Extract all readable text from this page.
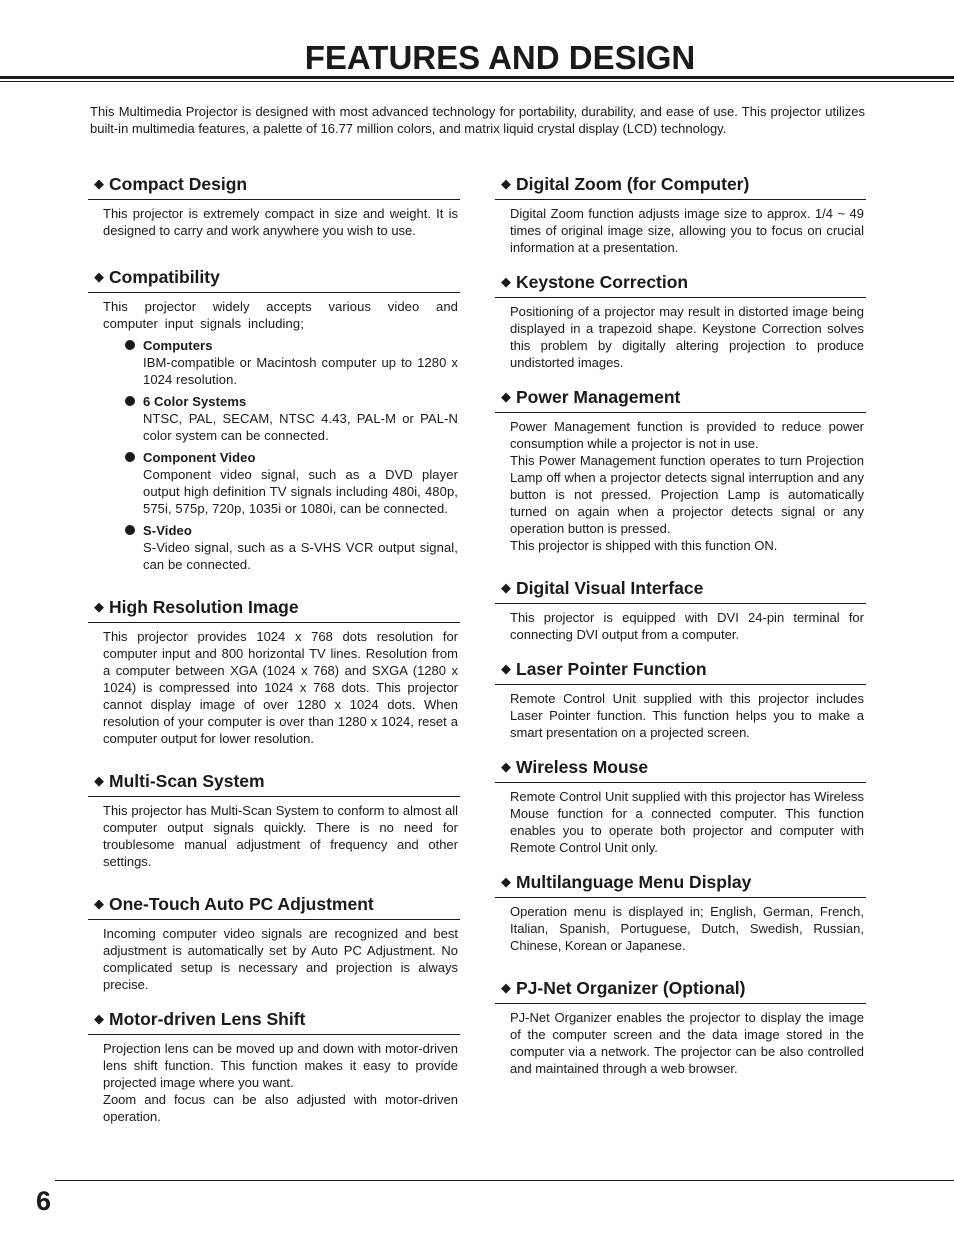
FEATURES AND DESIGN

This Multimedia Projector is designed with most advanced technology for portability, durability, and ease of use. This projector utilizes built-in multimedia features, a palette of 16.77 million colors, and matrix liquid crystal display (LCD) technology.

◆ Compact Design

This projector is extremely compact in size and weight. It is designed to carry and work anywhere you wish to use.

◆ Compatibility

This projector widely accepts various video and computer input signals including;

Computers
IBM-compatible or Macintosh computer up to 1280 x 1024 resolution.
6 Color Systems
NTSC, PAL, SECAM, NTSC 4.43, PAL-M or PAL-N color system can be connected.
Component Video
Component video signal, such as a DVD player output high definition TV signals including 480i, 480p, 575i, 575p, 720p, 1035i or 1080i, can be connected.
S-Video
S-Video signal, such as a S-VHS VCR output signal, can be connected.
◆ High Resolution Image

This projector provides 1024 x 768 dots resolution for computer input and 800 horizontal TV lines. Resolution from a computer between XGA (1024 x 768) and SXGA (1280 x 1024) is compressed into 1024 x 768 dots. This projector cannot display image of over 1280 x 1024 dots. When resolution of your computer is over than 1280 x 1024, reset a computer output for lower resolution.

◆ Multi-Scan System

This projector has Multi-Scan System to conform to almost all computer output signals quickly. There is no need for troublesome manual adjustment of frequency and other settings.

◆ One-Touch Auto PC Adjustment

Incoming computer video signals are recognized and best adjustment is automatically set by Auto PC Adjustment. No complicated setup is necessary and projection is always precise.

◆ Motor-driven Lens Shift

Projection lens can be moved up and down with motor-driven lens shift function. This function makes it easy to provide projected image where you want.

Zoom and focus can be also adjusted with motor-driven operation.

◆ Digital Zoom (for Computer)

Digital Zoom function adjusts image size to approx. 1/4 ~ 49 times of original image size, allowing you to focus on crucial information at a presentation.

◆ Keystone Correction

Positioning of a projector may result in distorted image being displayed in a trapezoid shape. Keystone Correction solves this problem by digitally altering projection to produce undistorted images.

◆ Power Management

Power Management function is provided to reduce power consumption while a projector is not in use.

This Power Management function operates to turn Projection Lamp off when a projector detects signal interruption and any button is not pressed. Projection Lamp is automatically turned on again when a projector detects signal or any operation button is pressed.

This projector is shipped with this function ON.

◆ Digital Visual Interface

This projector is equipped with DVI 24-pin terminal for connecting DVI output from a computer.

◆ Laser Pointer Function

Remote Control Unit supplied with this projector includes Laser Pointer function. This function helps you to make a smart presentation on a projected screen.

◆ Wireless Mouse

Remote Control Unit supplied with this projector has Wireless Mouse function for a connected computer. This function enables you to operate both projector and computer with Remote Control Unit only.

◆ Multilanguage Menu Display

Operation menu is displayed in; English, German, French, Italian, Spanish, Portuguese, Dutch, Swedish, Russian, Chinese, Korean or Japanese.

◆ PJ-Net Organizer (Optional)

PJ-Net Organizer enables the projector to display the image of the computer screen and the data image stored in the computer via a network. The projector can be also controlled and maintained through a web browser.

6
